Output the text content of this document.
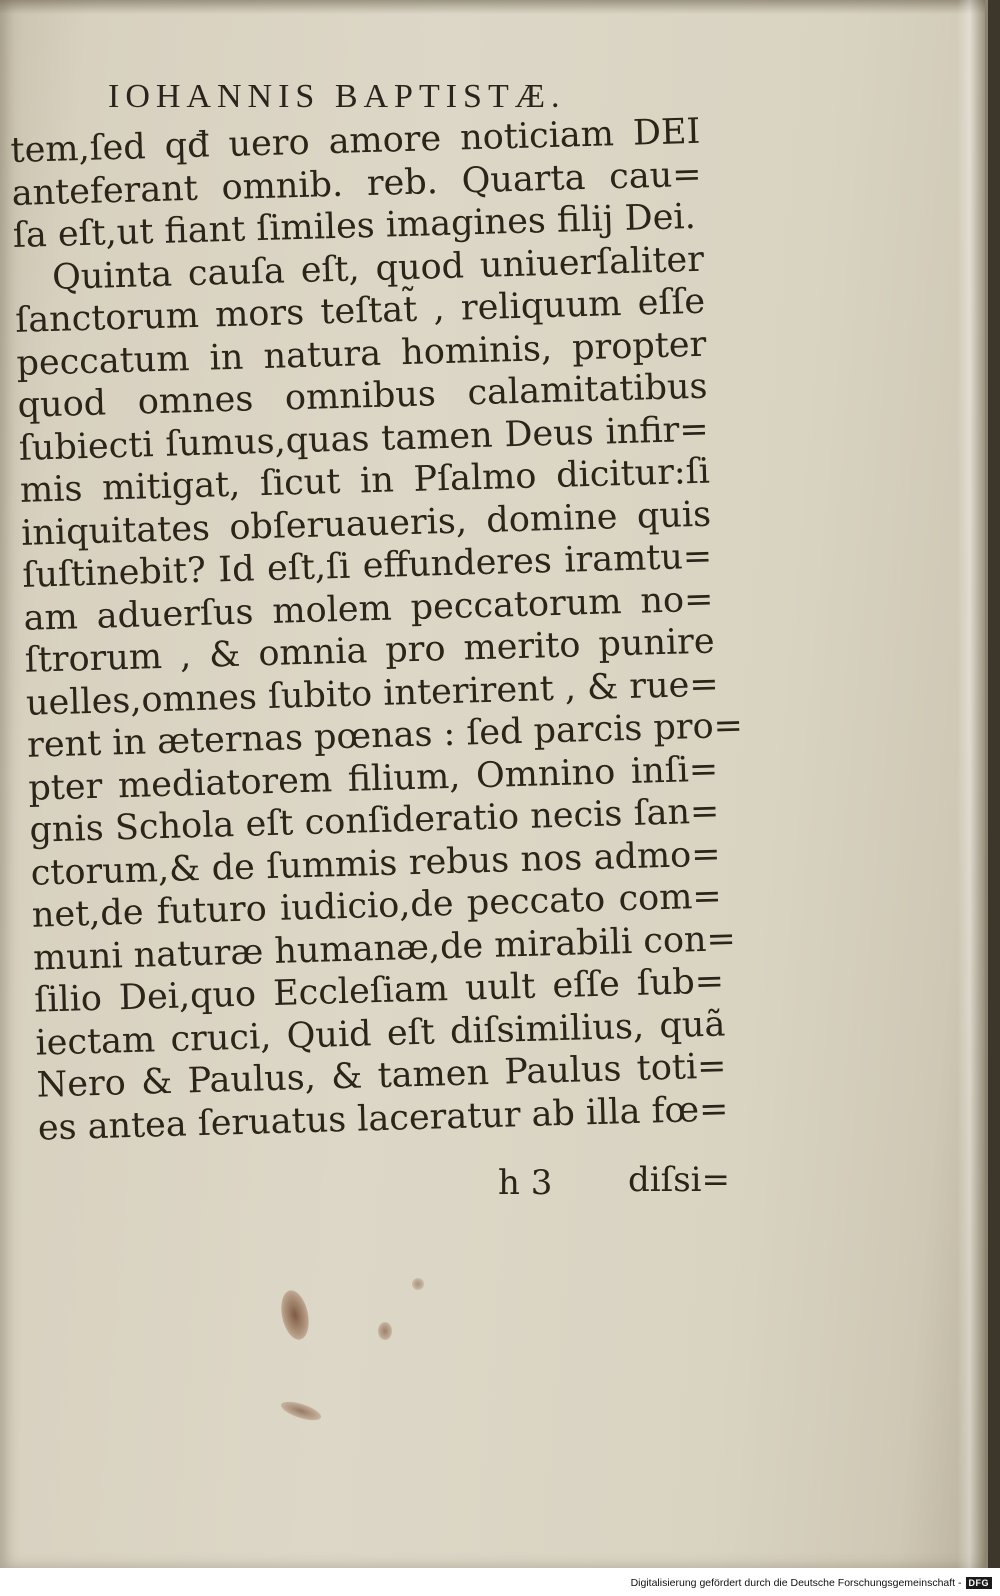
IOHANNIS BAPTISTÆ.
tem,ſed qđ uero amore noticiam DEI
anteferant omnib. reb. Quarta cau=
ſa eſt,ut fiant ſimiles imagines filij Dei.
Quinta cauſa eſt, quod uniuerſaliter
ſanctorum mors teſtat̃ , reliquum eſſe
peccatum in natura hominis, propter
quod omnes omnibus calamitatibus
ſubiecti ſumus,quas tamen Deus infir=
mis mitigat, ſicut in Pſalmo dicitur:ſi
iniquitates obſeruaueris, domine quis
ſuſtinebit? Id eſt,ſi effunderes iramtu=
am aduerſus molem peccatorum no=
ſtrorum , & omnia pro merito punire
uelles,omnes ſubito interirent , & rue=
rent in æternas pœnas : ſed parcis pro=
pter mediatorem filium, Omnino inſi=
gnis Schola eſt conſideratio necis ſan=
ctorum,& de ſummis rebus nos admo=
net,de futuro iudicio,de peccato com=
muni naturæ humanæ,de mirabili con=
ſilio Dei,quo Eccleſiam uult eſſe ſub=
iectam cruci, Quid eſt diſsimilius, quã
Nero & Paulus, & tamen Paulus toti=
es antea ſeruatus laceratur ab illa fœ=
h 3 diſsi=
Digitalisierung gefördert durch die Deutsche Forschungsgemeinschaft - DFG
